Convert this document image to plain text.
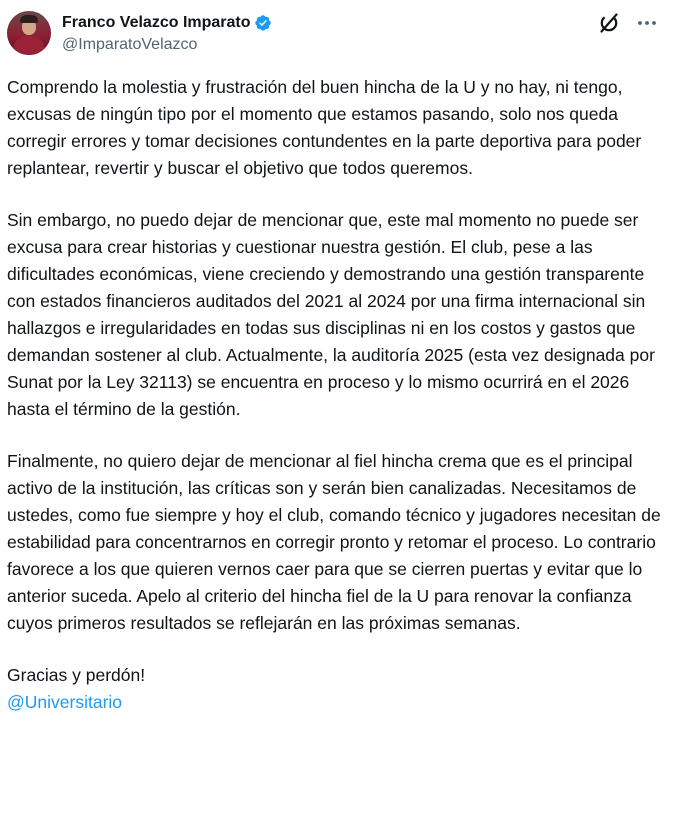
Franco Velazco Imparato
@ImparatoVelazco

Comprendo la molestia y frustración del buen hincha de la U y no hay, ni tengo, excusas de ningún tipo por el momento que estamos pasando, solo nos queda corregir errores y tomar decisiones contundentes en la parte deportiva para poder replantear, revertir y buscar el objetivo que todos queremos.

Sin embargo, no puedo dejar de mencionar que, este mal momento no puede ser excusa para crear historias y cuestionar nuestra gestión. El club, pese a las dificultades económicas, viene creciendo y demostrando una gestión transparente con estados financieros auditados del 2021 al 2024 por una firma internacional sin hallazgos e irregularidades en todas sus disciplinas ni en los costos y gastos que demandan sostener al club. Actualmente, la auditoría 2025 (esta vez designada por Sunat por la Ley 32113) se encuentra en proceso y lo mismo ocurrirá en el 2026 hasta el término de la gestión.

Finalmente, no quiero dejar de mencionar al fiel hincha crema que es el principal activo de la institución, las críticas son y serán bien canalizadas. Necesitamos de ustedes, como fue siempre y hoy el club, comando técnico y jugadores necesitan de estabilidad para concentrarnos en corregir pronto y retomar el proceso. Lo contrario favorece a los que quieren vernos caer para que se cierren puertas y evitar que lo anterior suceda. Apelo al criterio del hincha fiel de la U para renovar la confianza cuyos primeros resultados se reflejarán en las próximas semanas.

Gracias y perdón!

@Universitario
